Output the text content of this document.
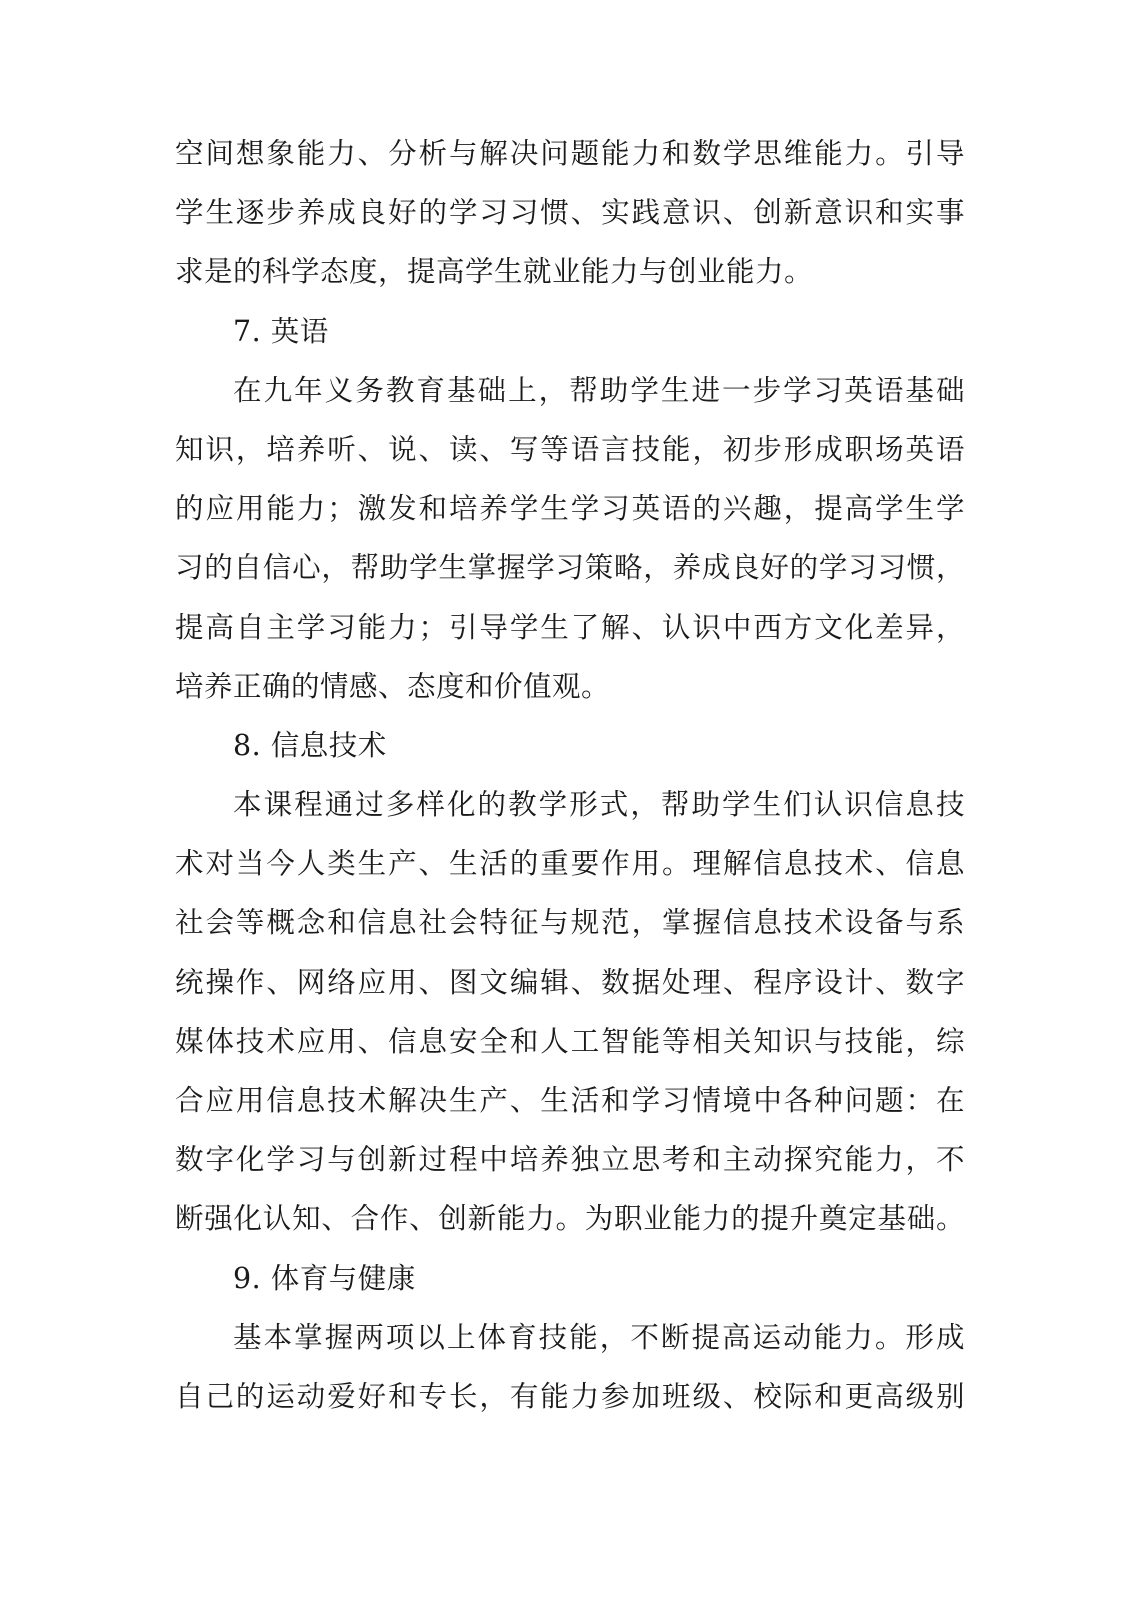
空间想象能力、分析与解决问题能力和数学思维能力。引导
学生逐步养成良好的学习习惯、实践意识、创新意识和实事
求是的科学态度，提高学生就业能力与创业能力。
7. 英语
在九年义务教育基础上，帮助学生进一步学习英语基础
知识，培养听、说、读、写等语言技能，初步形成职场英语
的应用能力；激发和培养学生学习英语的兴趣，提高学生学
习的自信心，帮助学生掌握学习策略，养成良好的学习习惯，
提高自主学习能力；引导学生了解、认识中西方文化差异，
培养正确的情感、态度和价值观。
8. 信息技术
本课程通过多样化的教学形式，帮助学生们认识信息技
术对当今人类生产、生活的重要作用。理解信息技术、信息
社会等概念和信息社会特征与规范，掌握信息技术设备与系
统操作、网络应用、图文编辑、数据处理、程序设计、数字
媒体技术应用、信息安全和人工智能等相关知识与技能，综
合应用信息技术解决生产、生活和学习情境中各种问题：在
数字化学习与创新过程中培养独立思考和主动探究能力，不
断强化认知、合作、创新能力。为职业能力的提升奠定基础。
9. 体育与健康
基本掌握两项以上体育技能，不断提高运动能力。形成
自己的运动爱好和专长，有能力参加班级、校际和更高级别
